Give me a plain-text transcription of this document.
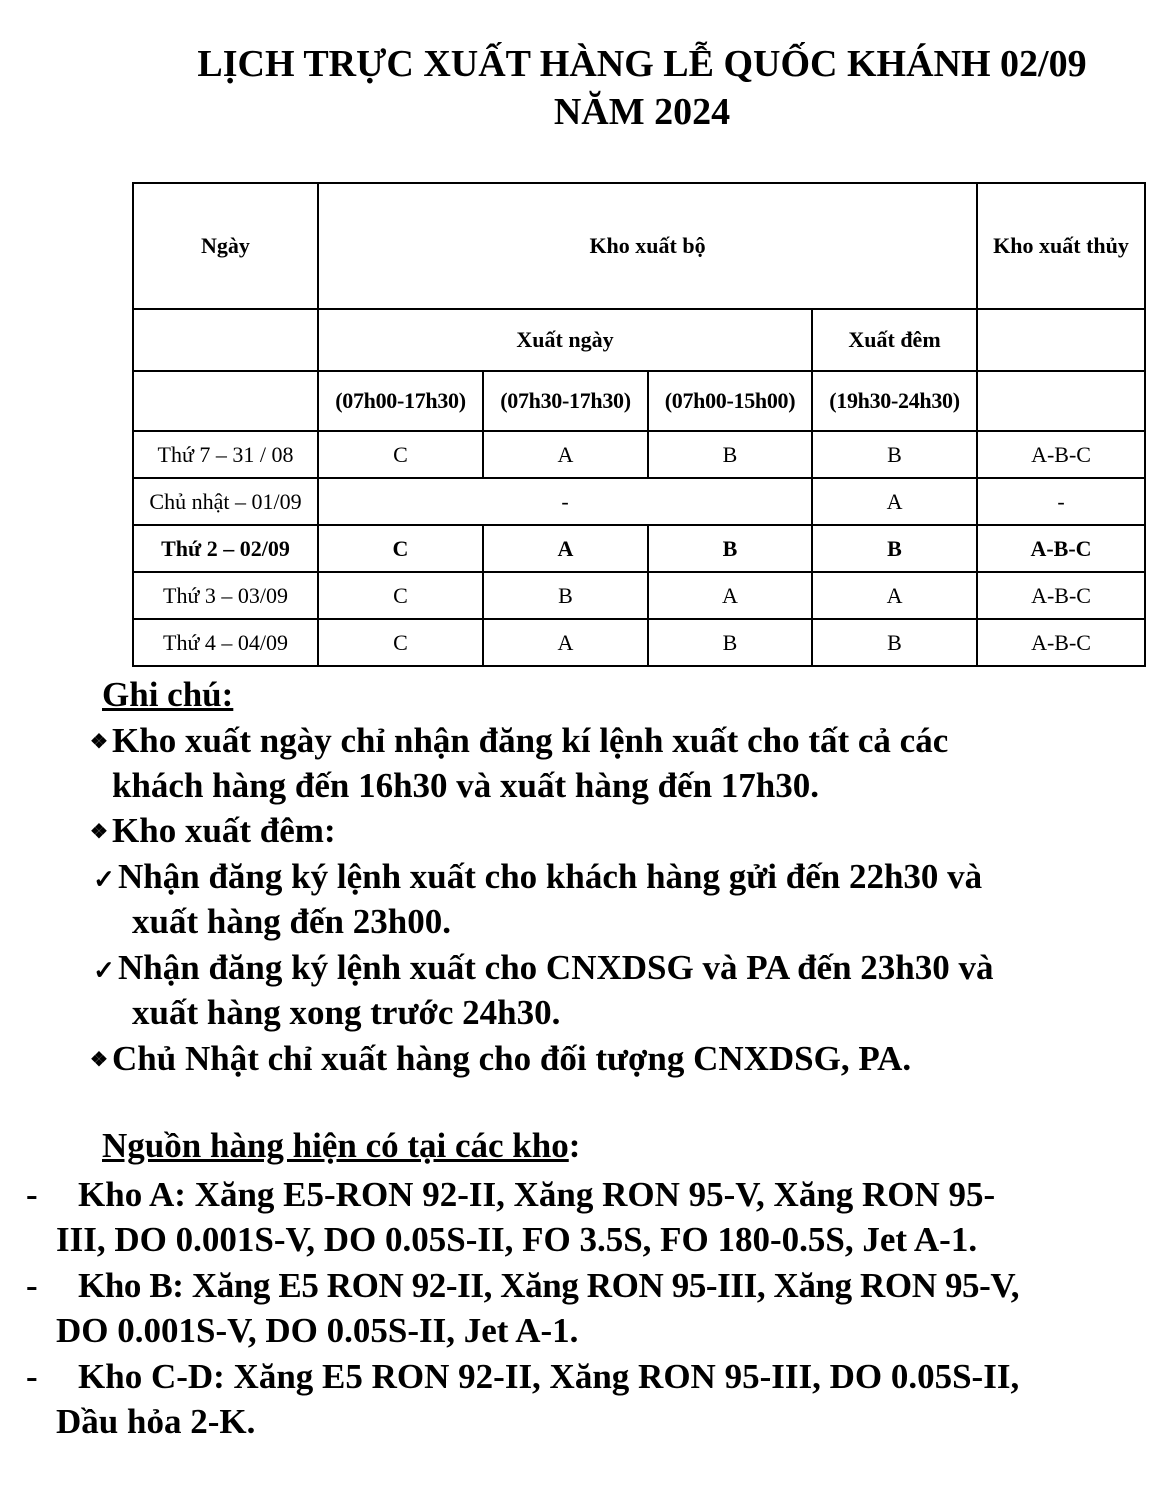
LỊCH TRỰC XUẤT HÀNG LỄ QUỐC KHÁNH 02/09
NĂM 2024
Ngày	Kho xuất bộ				Kho xuất thủy
	Xuất ngày			Xuất đêm	
	(07h00-17h30)	(07h30-17h30)	(07h00-15h00)	(19h30-24h30)	
Thứ 7 – 31 / 08	C	A	B	B	A-B-C
Chủ nhật – 01/09	-			A	-
Thứ 2 – 02/09	C	A	B	B	A-B-C
Thứ 3 – 03/09	C	B	A	A	A-B-C
Thứ 4 – 04/09	C	A	B	B	A-B-C
Ghi chú:
❖ Kho xuất ngày chỉ nhận đăng kí lệnh xuất cho tất cả các
khách hàng đến 16h30 và xuất hàng đến 17h30.
❖ Kho xuất đêm:
✓Nhận đăng ký lệnh xuất cho khách hàng gửi đến 22h30 và
xuất hàng đến 23h00.
✓Nhận đăng ký lệnh xuất cho CNXDSG và PA đến 23h30 và
xuất hàng xong trước 24h30.
❖ Chủ Nhật chỉ xuất hàng cho đối tượng CNXDSG, PA.
Nguồn hàng hiện có tại các kho:
- Kho A: Xăng E5-RON 92-II, Xăng RON 95-V, Xăng RON 95-
III, DO 0.001S-V, DO 0.05S-II, FO 3.5S, FO 180-0.5S, Jet A-1.
- Kho B: Xăng E5 RON 92-II, Xăng RON 95-III, Xăng RON 95-V,
DO 0.001S-V, DO 0.05S-II, Jet A-1.
- Kho C-D: Xăng E5 RON 92-II, Xăng RON 95-III, DO 0.05S-II,
Dầu hỏa 2-K.
